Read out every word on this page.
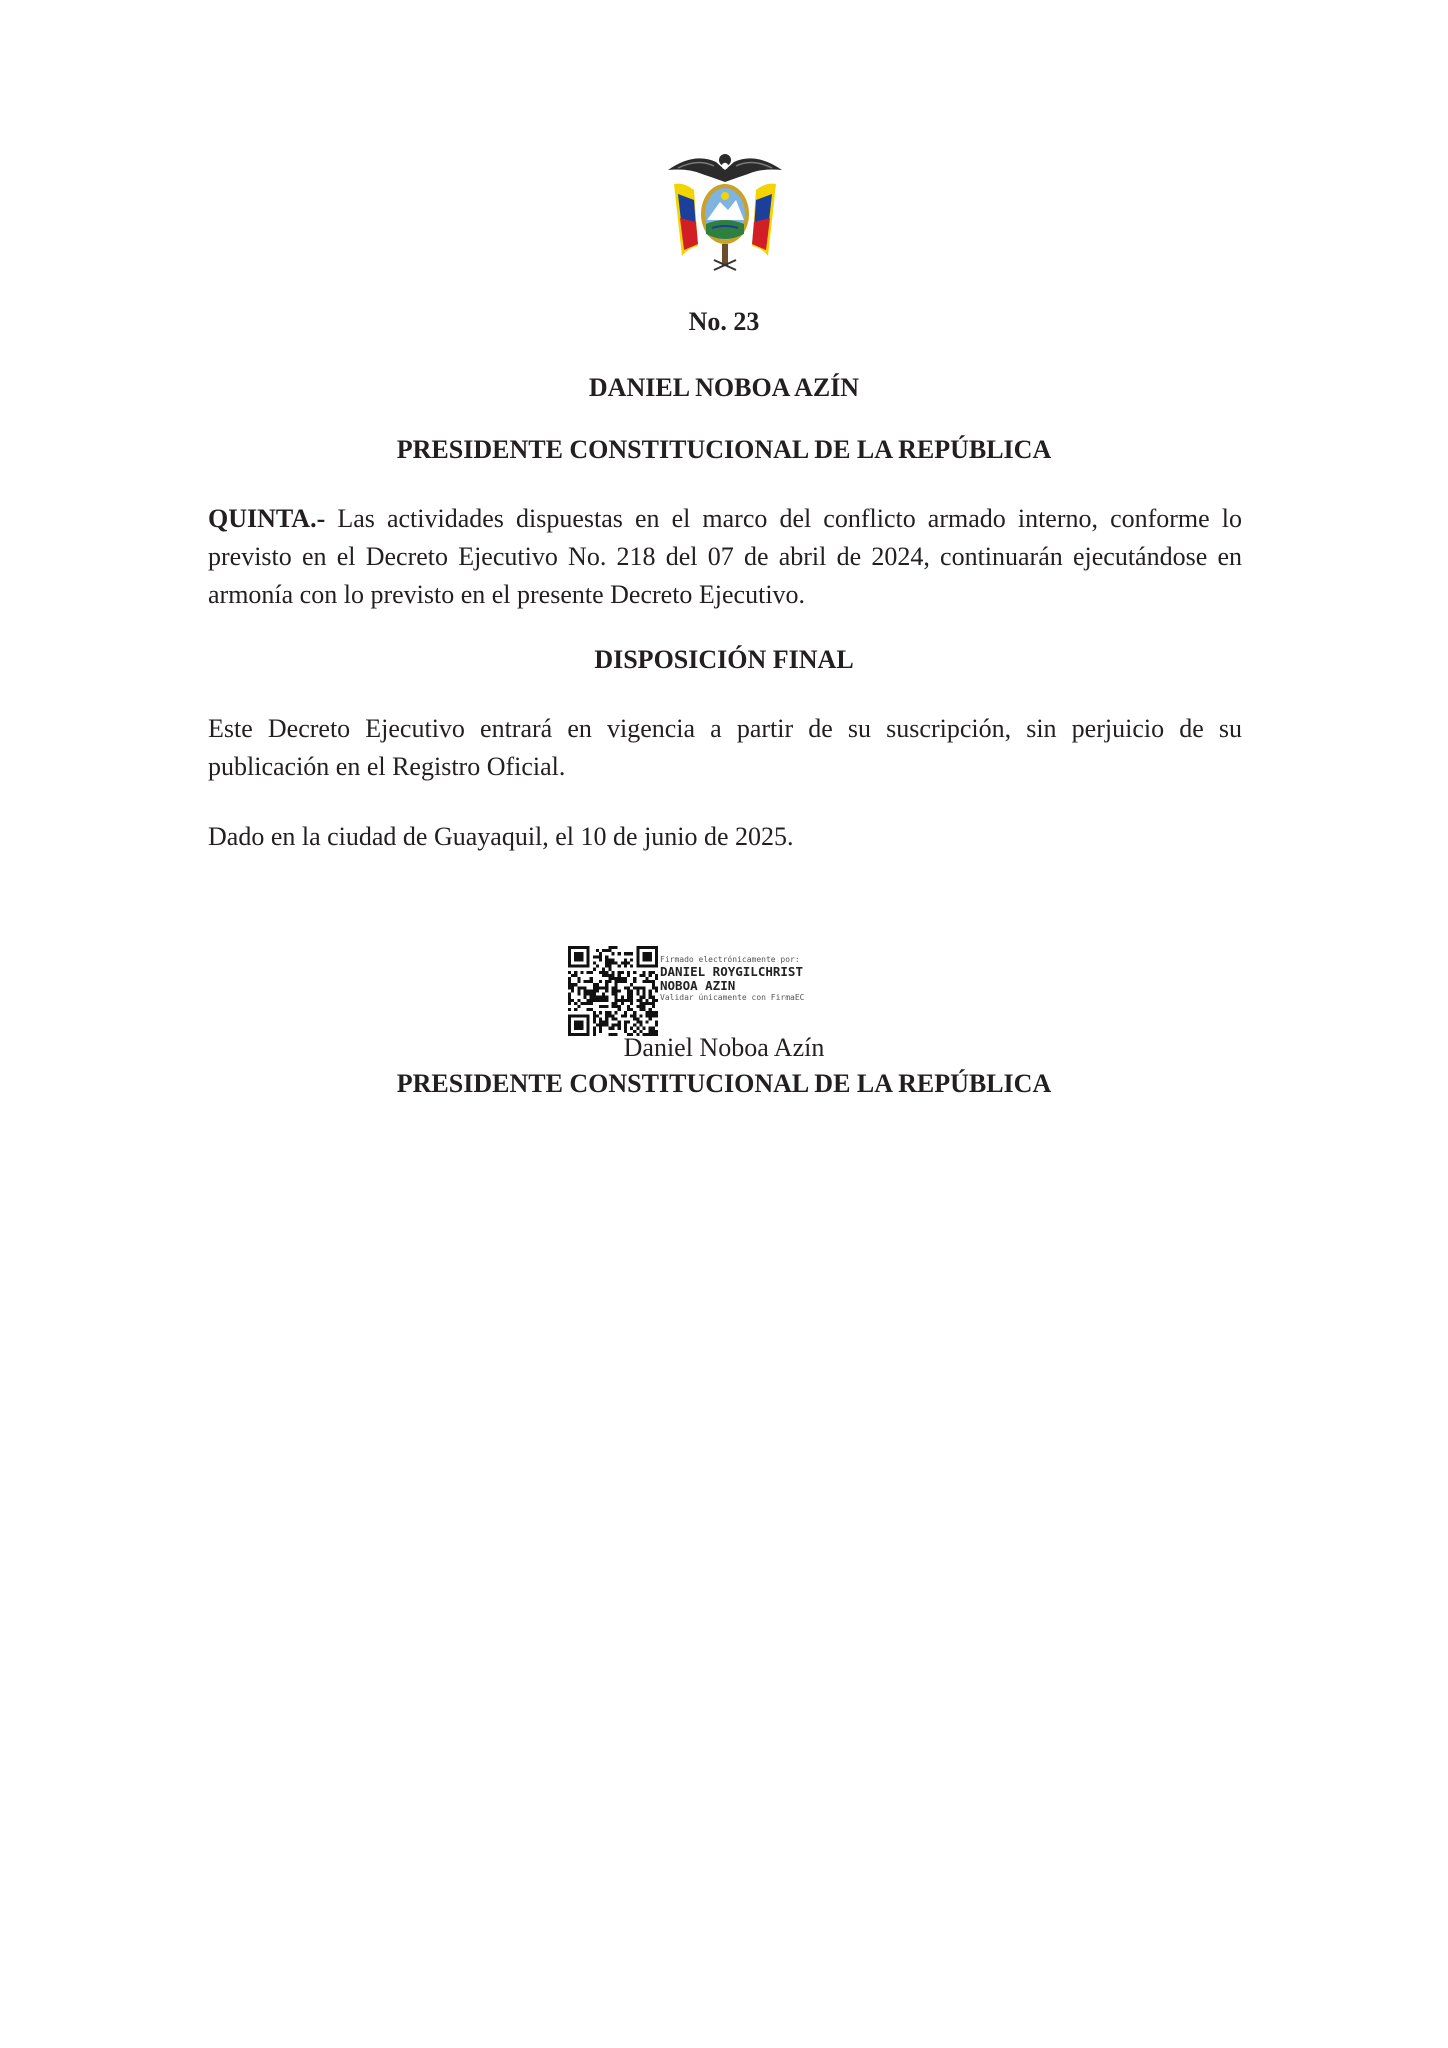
No. 23

DANIEL NOBOA AZÍN

PRESIDENTE CONSTITUCIONAL DE LA REPÚBLICA

QUINTA.- Las actividades dispuestas en el marco del conflicto armado interno, conforme lo previsto en el Decreto Ejecutivo No. 218 del 07 de abril de 2024, continuarán ejecutándose en armonía con lo previsto en el presente Decreto Ejecutivo.

DISPOSICIÓN FINAL

Este Decreto Ejecutivo entrará en vigencia a partir de su suscripción, sin perjuicio de su publicación en el Registro Oficial.

Dado en la ciudad de Guayaquil, el 10 de junio de 2025.

Firmado electrónicamente por:
DANIEL ROYGILCHRIST
NOBOA AZIN
Validar únicamente con FirmaEC

Daniel Noboa Azín

PRESIDENTE CONSTITUCIONAL DE LA REPÚBLICA
